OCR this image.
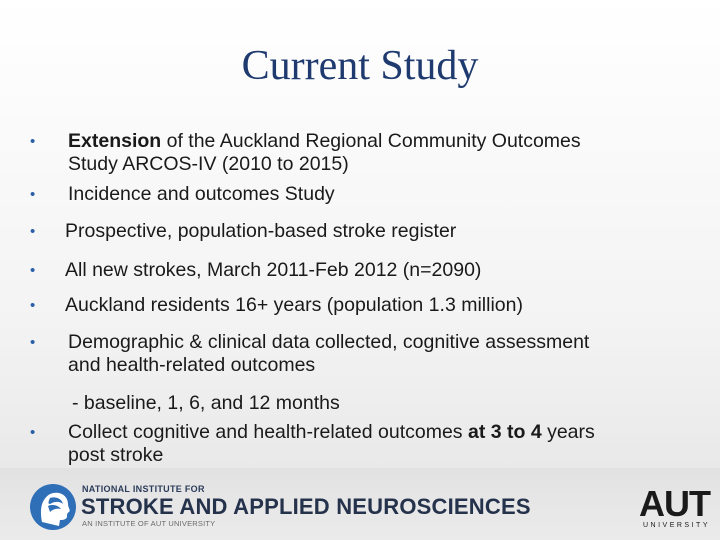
Current Study
• Extension of the Auckland Regional Community Outcomes
Study ARCOS-IV (2010 to 2015)
• Incidence and outcomes Study
• Prospective, population-based stroke register
• All new strokes, March 2011-Feb 2012 (n=2090)
• Auckland residents 16+ years (population 1.3 million)
• Demographic & clinical data collected, cognitive assessment
and health-related outcomes
- baseline, 1, 6, and 12 months
• Collect cognitive and health-related outcomes at 3 to 4 years
post stroke
NATIONAL INSTITUTE FOR
STROKE AND APPLIED NEUROSCIENCES
AN INSTITUTE OF AUT UNIVERSITY	AUT
UNIVERSITY
